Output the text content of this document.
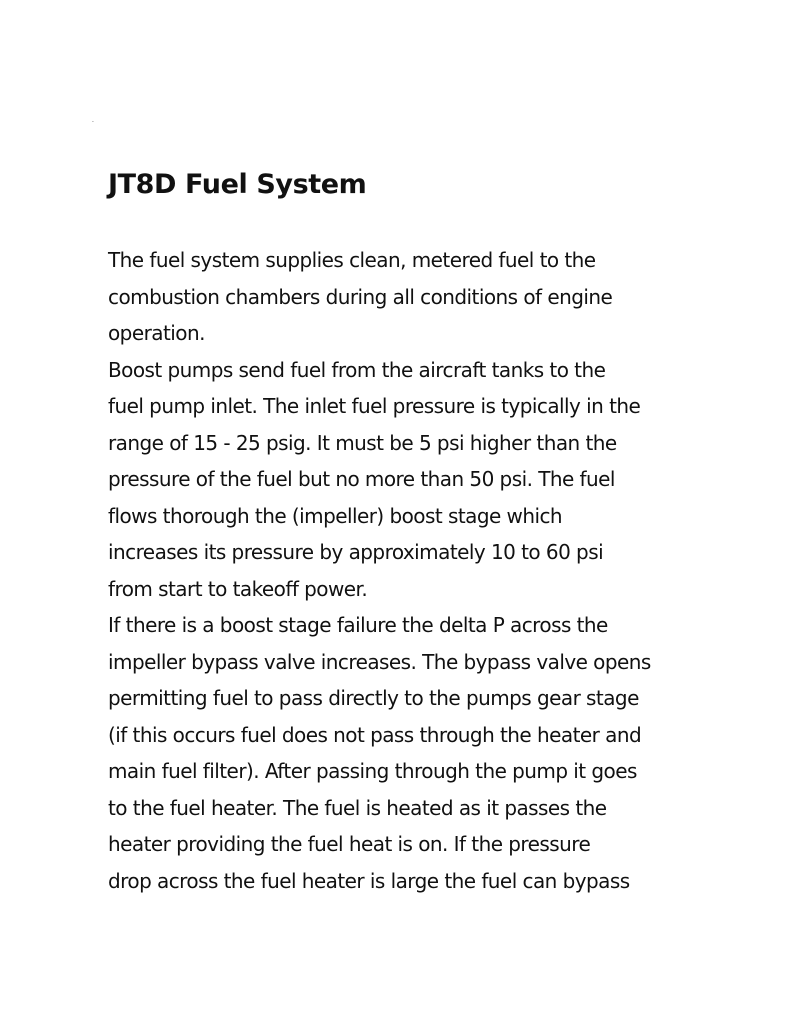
.
JT8D Fuel System
The fuel system supplies clean, metered fuel to the
combustion chambers during all conditions of engine
operation.
Boost pumps send fuel from the aircraft tanks to the
fuel pump inlet. The inlet fuel pressure is typically in the
range of 15 - 25 psig. It must be 5 psi higher than the
pressure of the fuel but no more than 50 psi. The fuel
flows thorough the (impeller) boost stage which
increases its pressure by approximately 10 to 60 psi
from start to takeoff power.
If there is a boost stage failure the delta P across the
impeller bypass valve increases. The bypass valve opens
permitting fuel to pass directly to the pumps gear stage
(if this occurs fuel does not pass through the heater and
main fuel filter). After passing through the pump it goes
to the fuel heater. The fuel is heated as it passes the
heater providing the fuel heat is on. If the pressure
drop across the fuel heater is large the fuel can bypass
